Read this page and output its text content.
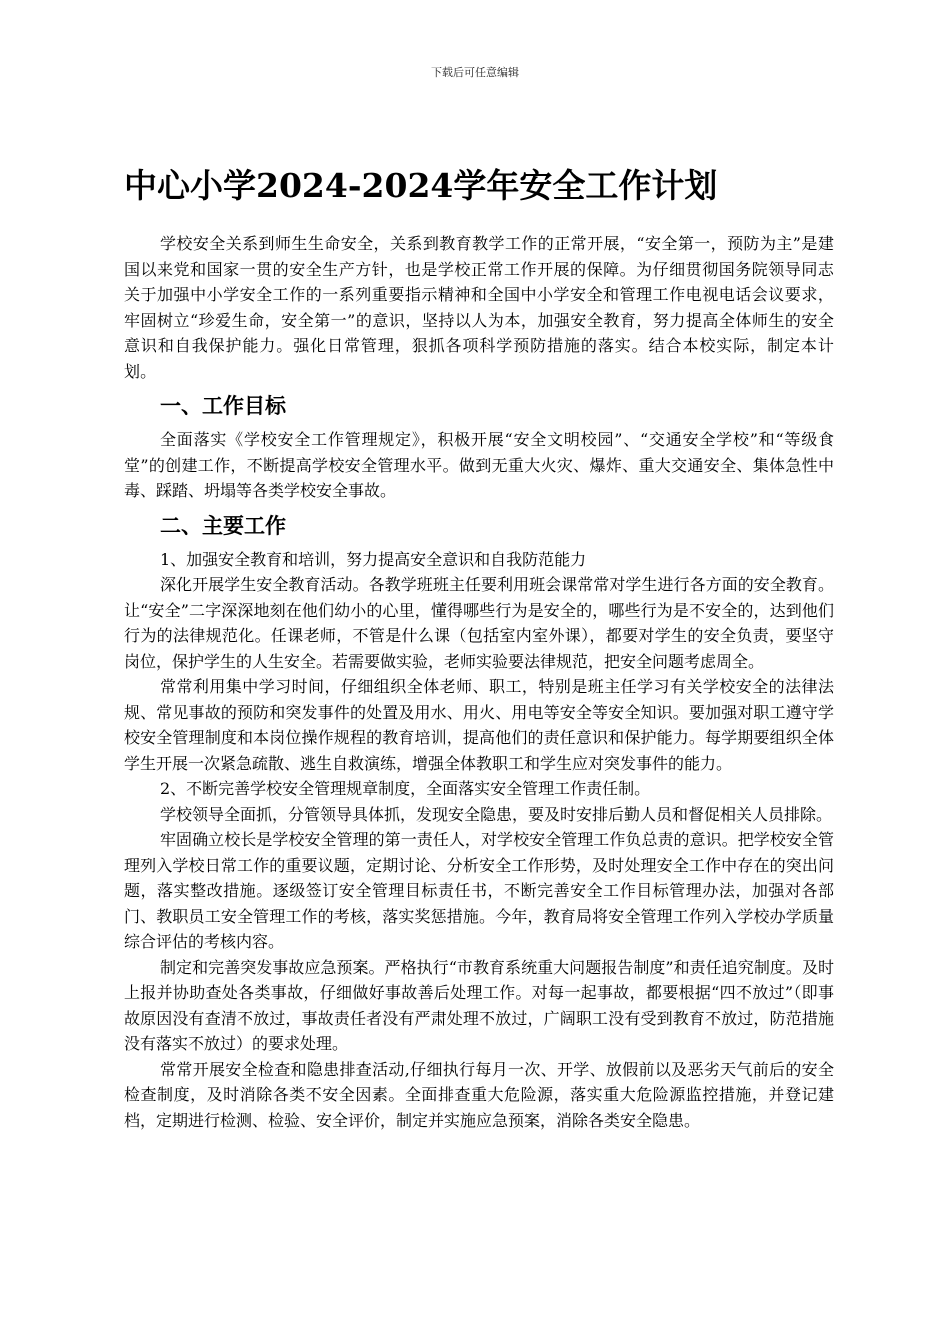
下载后可任意编辑
中心小学2024-2024学年安全工作计划

学校安全关系到师生生命安全，关系到教育教学工作的正常开展，“安全第一，预防为主”是建国以来党和国家一贯的安全生产方针，也是学校正常工作开展的保障。为仔细贯彻国务院领导同志关于加强中小学安全工作的一系列重要指示精神和全国中小学安全和管理工作电视电话会议要求，牢固树立“珍爱生命，安全第一”的意识，坚持以人为本，加强安全教育，努力提高全体师生的安全意识和自我保护能力。强化日常管理，狠抓各项科学预防措施的落实。结合本校实际，制定本计划。

一、工作目标

全面落实《学校安全工作管理规定》，积极开展“安全文明校园”、“交通安全学校”和“等级食堂”的创建工作，不断提高学校安全管理水平。做到无重大火灾、爆炸、重大交通安全、集体急性中毒、踩踏、坍塌等各类学校安全事故。

二、主要工作

1、加强安全教育和培训，努力提高安全意识和自我防范能力

深化开展学生安全教育活动。各教学班班主任要利用班会课常常对学生进行各方面的安全教育。让“安全”二字深深地刻在他们幼小的心里，懂得哪些行为是安全的，哪些行为是不安全的，达到他们行为的法律规范化。任课老师，不管是什么课（包括室内室外课），都要对学生的安全负责，要坚守岗位，保护学生的人生安全。若需要做实验，老师实验要法律规范，把安全问题考虑周全。

常常利用集中学习时间，仔细组织全体老师、职工，特别是班主任学习有关学校安全的法律法规、常见事故的预防和突发事件的处置及用水、用火、用电等安全等安全知识。要加强对职工遵守学校安全管理制度和本岗位操作规程的教育培训，提高他们的责任意识和保护能力。每学期要组织全体学生开展一次紧急疏散、逃生自救演练，增强全体教职工和学生应对突发事件的能力。

2、不断完善学校安全管理规章制度，全面落实安全管理工作责任制。

学校领导全面抓，分管领导具体抓，发现安全隐患，要及时安排后勤人员和督促相关人员排除。

牢固确立校长是学校安全管理的第一责任人，对学校安全管理工作负总责的意识。把学校安全管理列入学校日常工作的重要议题，定期讨论、分析安全工作形势，及时处理安全工作中存在的突出问题，落实整改措施。逐级签订安全管理目标责任书，不断完善安全工作目标管理办法，加强对各部门、教职员工安全管理工作的考核，落实奖惩措施。今年，教育局将安全管理工作列入学校办学质量综合评估的考核内容。

制定和完善突发事故应急预案。严格执行“市教育系统重大问题报告制度”和责任追究制度。及时上报并协助查处各类事故，仔细做好事故善后处理工作。对每一起事故，都要根据“四不放过”（即事故原因没有查清不放过，事故责任者没有严肃处理不放过，广阔职工没有受到教育不放过，防范措施没有落实不放过）的要求处理。

常常开展安全检查和隐患排查活动,仔细执行每月一次、开学、放假前以及恶劣天气前后的安全检查制度，及时消除各类不安全因素。全面排查重大危险源，落实重大危险源监控措施，并登记建档，定期进行检测、检验、安全评价，制定并实施应急预案，消除各类安全隐患。
